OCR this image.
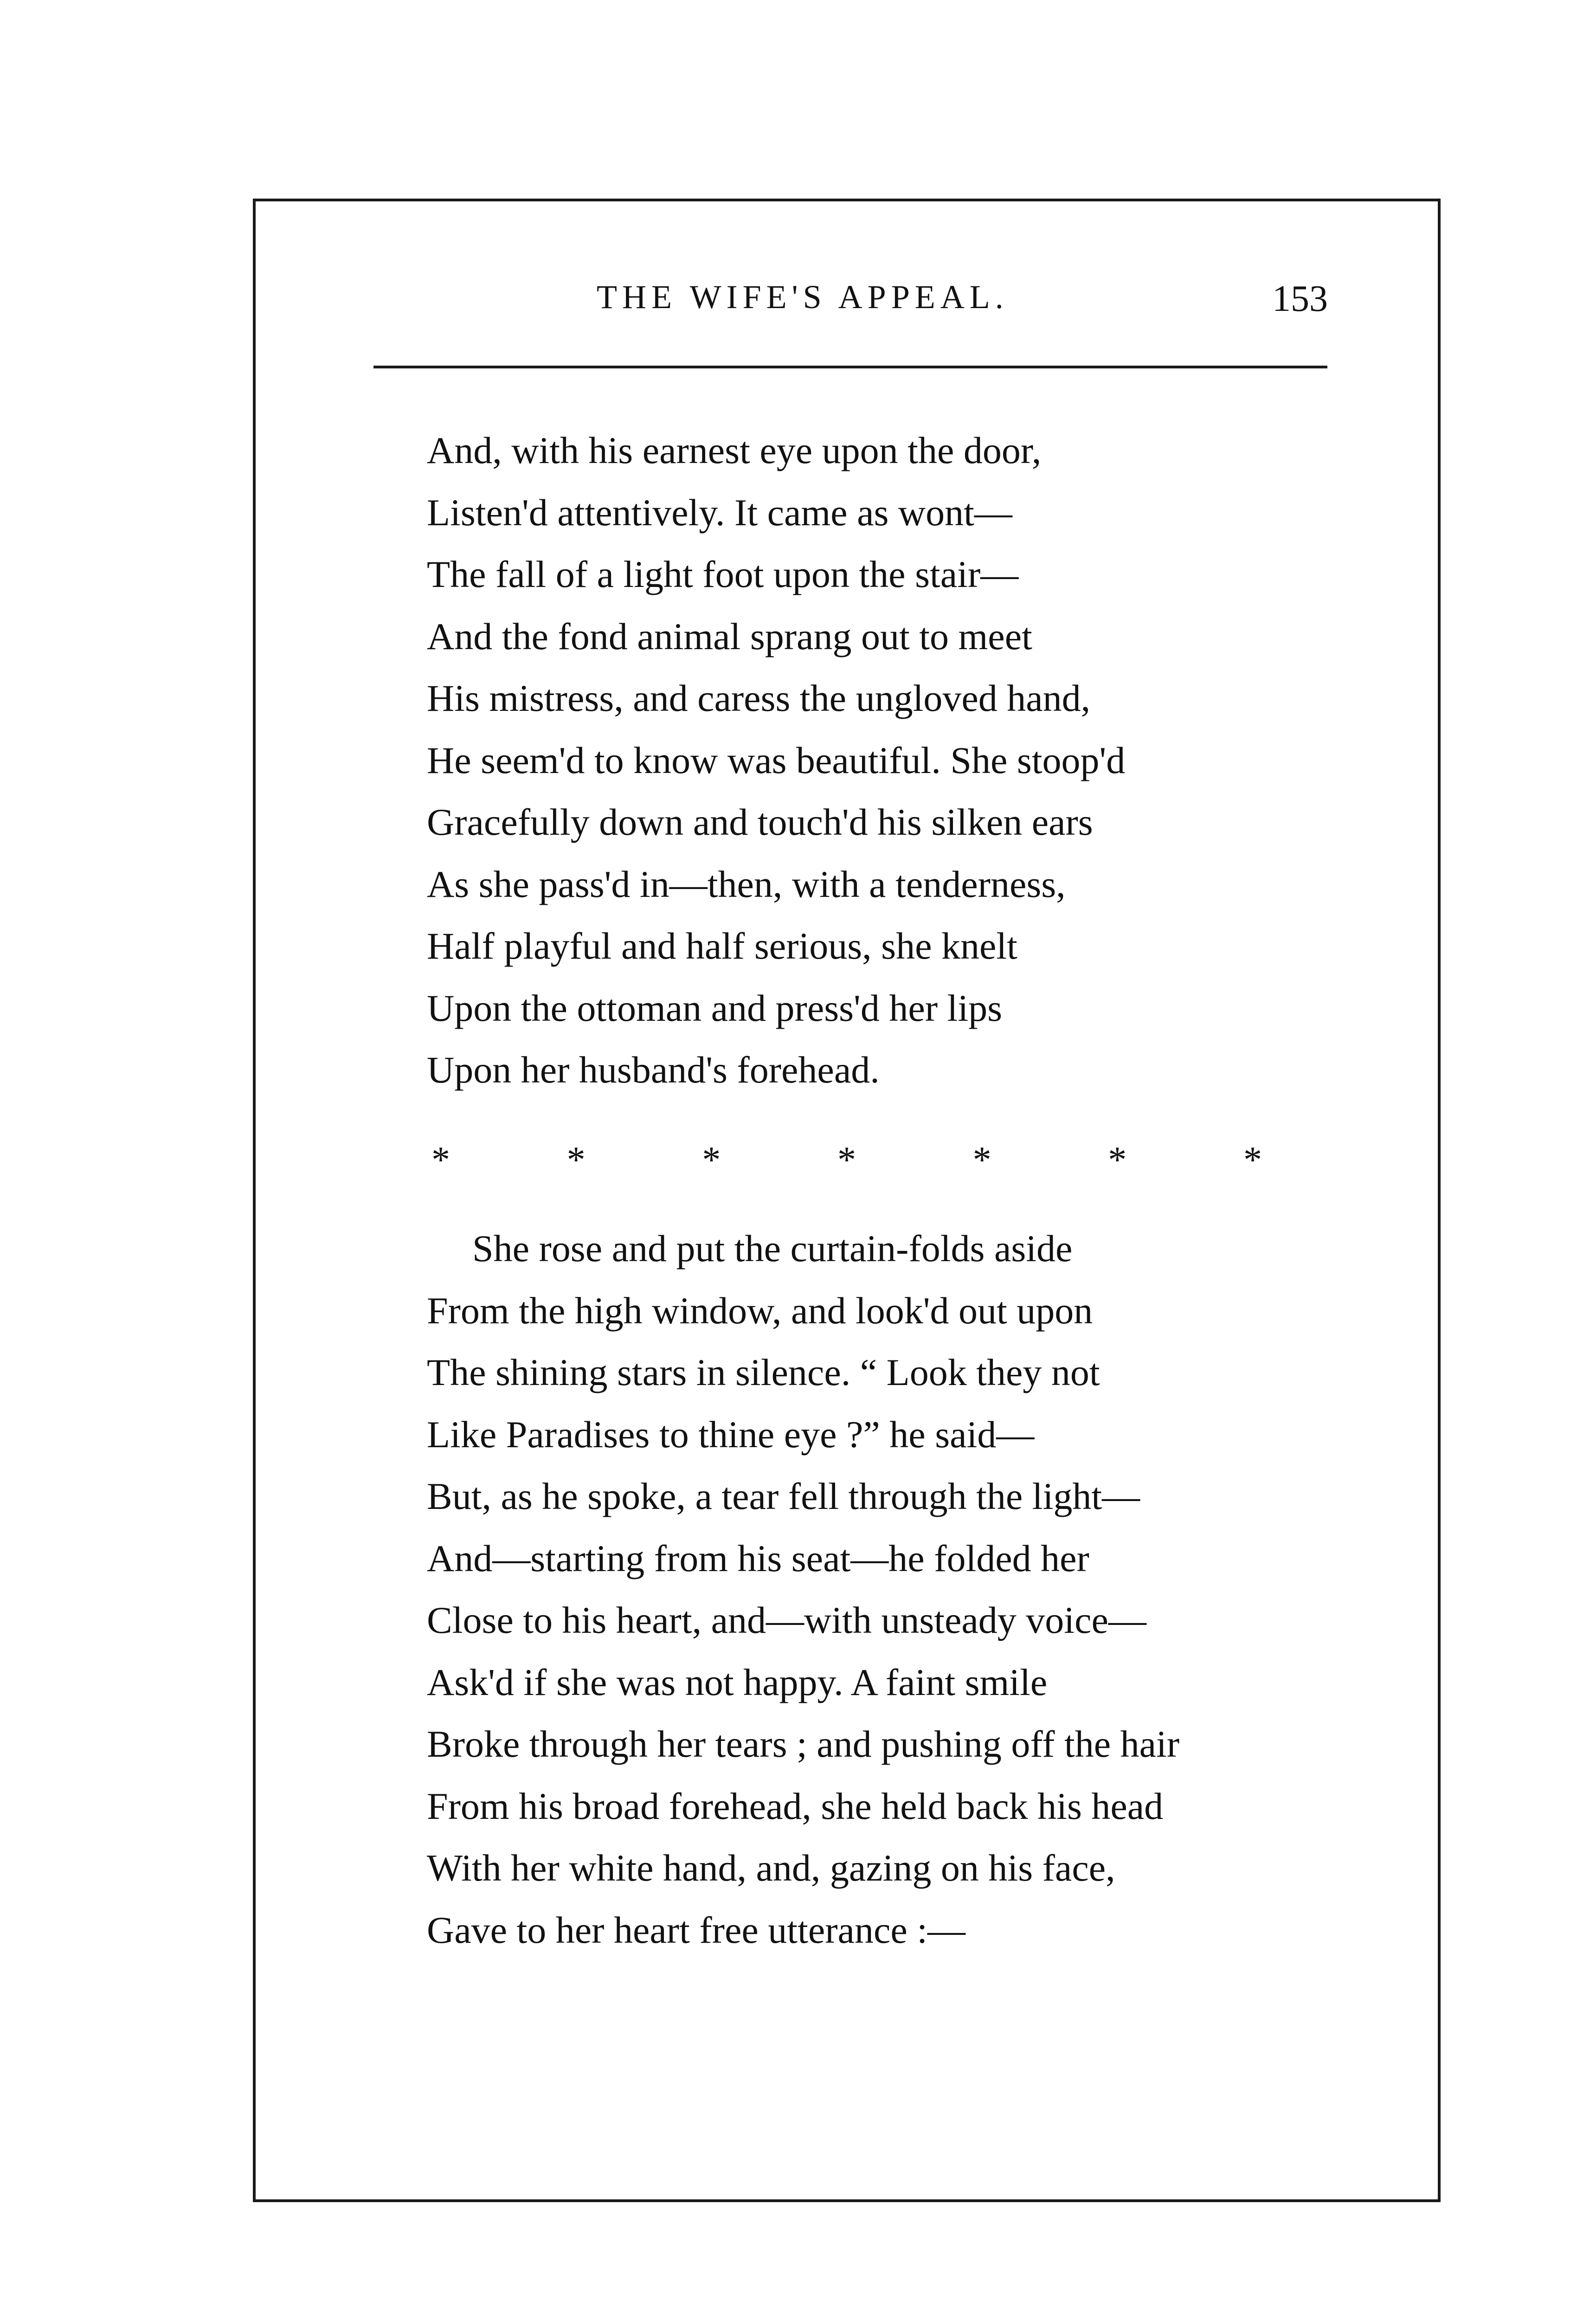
THE WIFE'S APPEAL.	153
And, with his earnest eye upon the door,
Listen'd attentively. It came as wont—
The fall of a light foot upon the stair—
And the fond animal sprang out to meet
His mistress, and caress the ungloved hand,
He seem'd to know was beautiful. She stoop'd
Gracefully down and touch'd his silken ears
As she pass'd in—then, with a tenderness,
Half playful and half serious, she knelt
Upon the ottoman and press'd her lips
Upon her husband's forehead.
*	*	*	*	*	*	*
She rose and put the curtain-folds aside
From the high window, and look'd out upon
The shining stars in silence. “ Look they not
Like Paradises to thine eye ?” he said—
But, as he spoke, a tear fell through the light—
And—starting from his seat—he folded her
Close to his heart, and—with unsteady voice—
Ask'd if she was not happy. A faint smile
Broke through her tears ; and pushing off the hair
From his broad forehead, she held back his head
With her white hand, and, gazing on his face,
Gave to her heart free utterance :—
